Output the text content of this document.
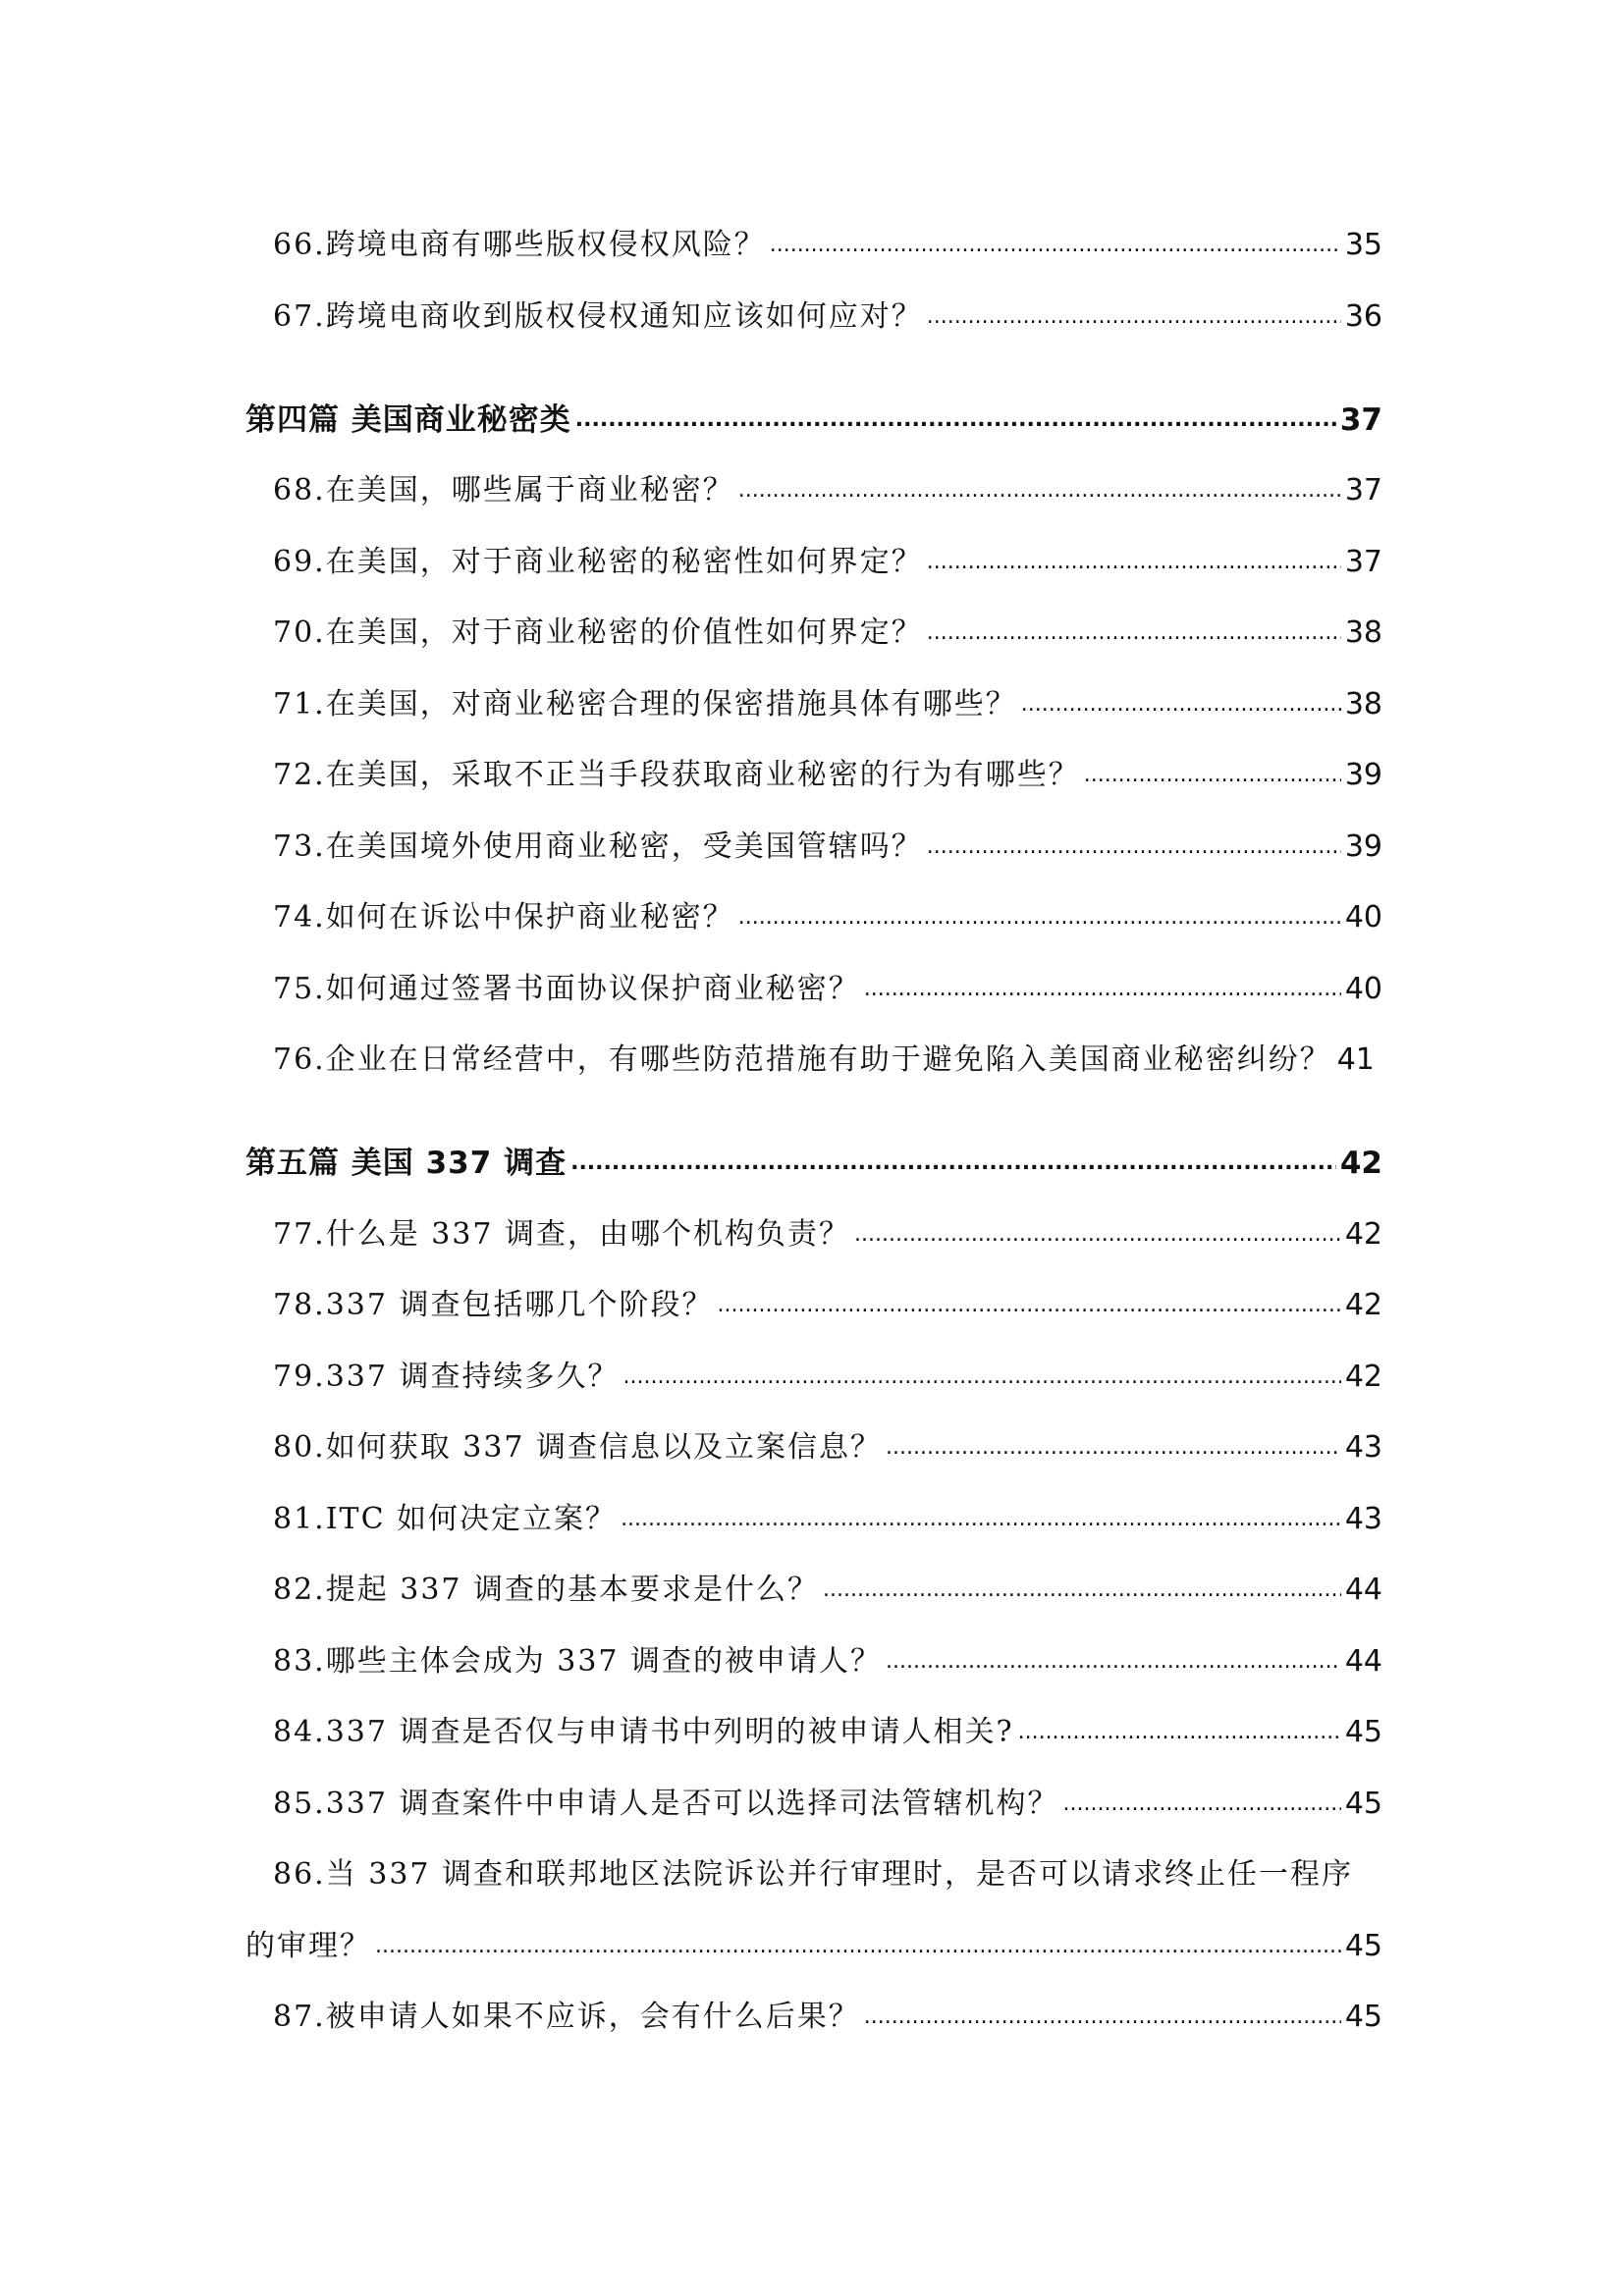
66.跨境电商有哪些版权侵权风险？ .....	35
67.跨境电商收到版权侵权通知应该如何应对？ .....	36
第四篇 美国商业秘密类 .....	37
68.在美国，哪些属于商业秘密？ .....	37
69.在美国，对于商业秘密的秘密性如何界定？ .....	37
70.在美国，对于商业秘密的价值性如何界定？ .....	38
71.在美国，对商业秘密合理的保密措施具体有哪些？ .....	38
72.在美国，采取不正当手段获取商业秘密的行为有哪些？ .....	39
73.在美国境外使用商业秘密，受美国管辖吗？ .....	39
74.如何在诉讼中保护商业秘密？ .....	40
75.如何通过签署书面协议保护商业秘密？ .....	40
76.企业在日常经营中，有哪些防范措施有助于避免陷入美国商业秘密纠纷？ 41
第五篇 美国 337 调查 .....	42
77.什么是 337 调查，由哪个机构负责？ .....	42
78.337 调查包括哪几个阶段？ .....	42
79.337 调查持续多久？ .....	42
80.如何获取 337 调查信息以及立案信息？ .....	43
81.ITC 如何决定立案？ .....	43
82.提起 337 调查的基本要求是什么？ .....	44
83.哪些主体会成为 337 调查的被申请人？ .....	44
84.337 调查是否仅与申请书中列明的被申请人相关? .....	45
85.337 调查案件中申请人是否可以选择司法管辖机构？ .....	45
86.当 337 调查和联邦地区法院诉讼并行审理时，是否可以请求终止任一程序
的审理？ .....	45
87.被申请人如果不应诉，会有什么后果？ .....	45
